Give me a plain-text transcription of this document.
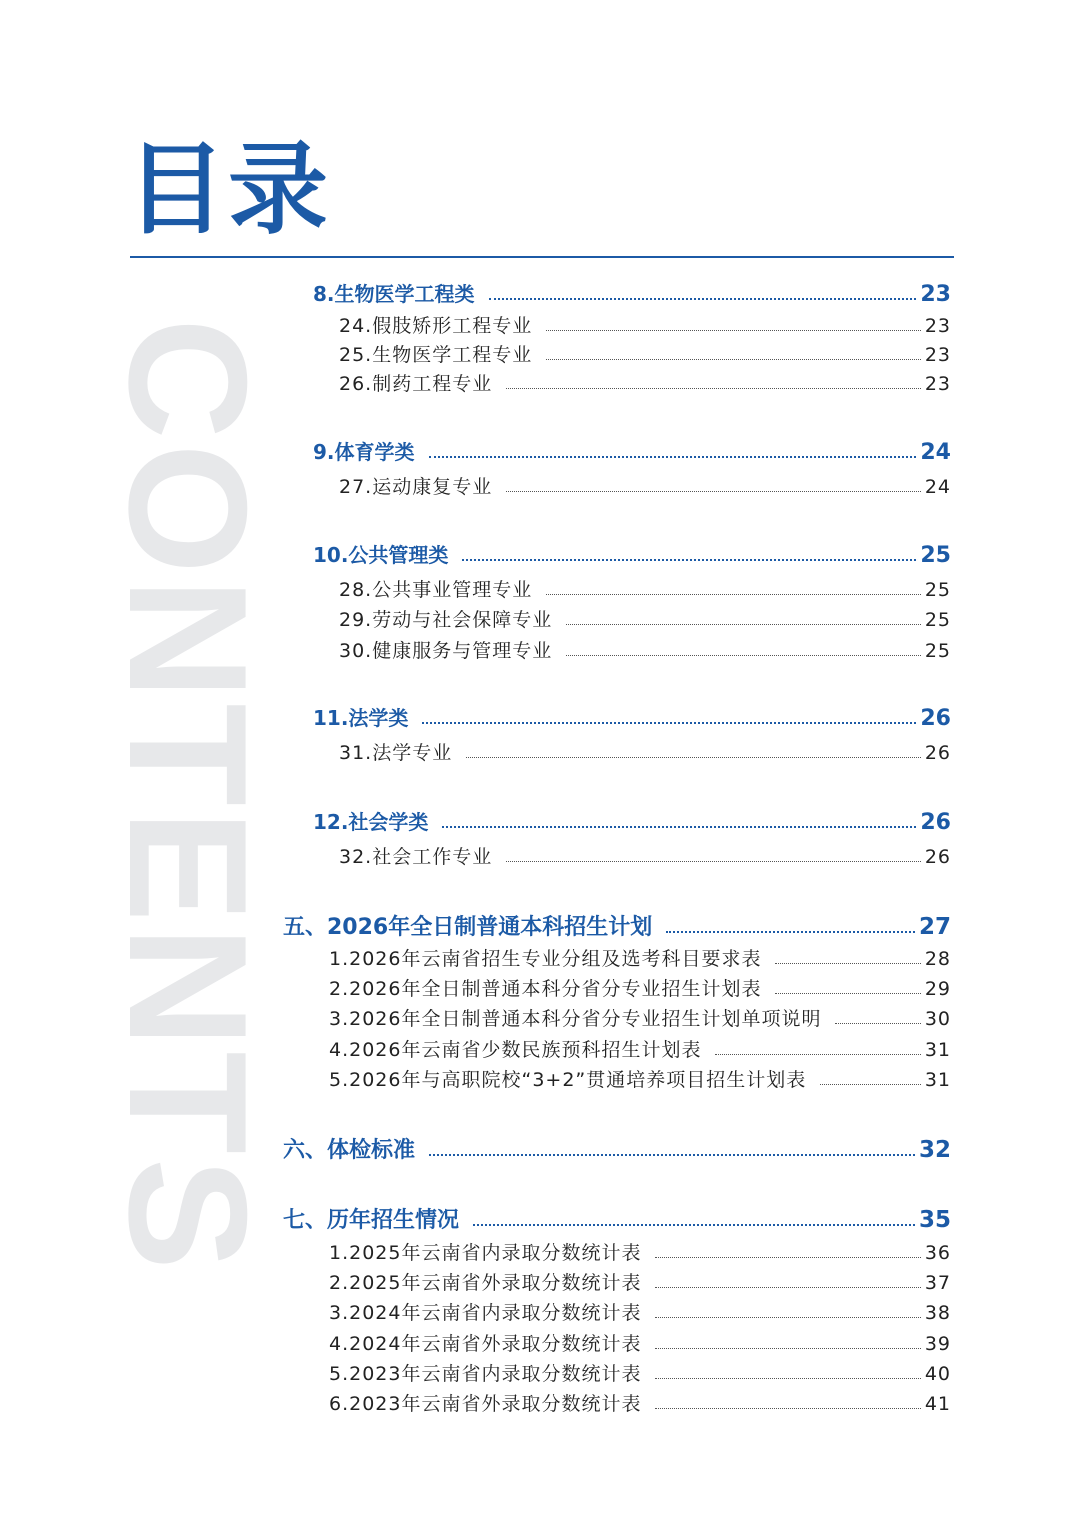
目录
CONTENTS
8.生物医学工程类	23
24.假肢矫形工程专业	23
25.生物医学工程专业	23
26.制药工程专业	23
9.体育学类	24
27.运动康复专业	24
10.公共管理类	25
28.公共事业管理专业	25
29.劳动与社会保障专业	25
30.健康服务与管理专业	25
11.法学类	26
31.法学专业	26
12.社会学类	26
32.社会工作专业	26
五、2026年全日制普通本科招生计划	27
1.2026年云南省招生专业分组及选考科目要求表	28
2.2026年全日制普通本科分省分专业招生计划表	29
3.2026年全日制普通本科分省分专业招生计划单项说明	30
4.2026年云南省少数民族预科招生计划表	31
5.2026年与高职院校“3+2”贯通培养项目招生计划表	31
六、体检标准	32
七、历年招生情况	35
1.2025年云南省内录取分数统计表	36
2.2025年云南省外录取分数统计表	37
3.2024年云南省内录取分数统计表	38
4.2024年云南省外录取分数统计表	39
5.2023年云南省内录取分数统计表	40
6.2023年云南省外录取分数统计表	41
